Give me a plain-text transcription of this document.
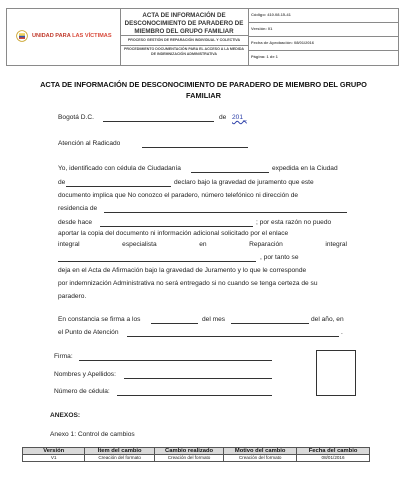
UNIDAD PARA LAS VÍCTIMAS
ACTA DE INFORMACIÓN DE DESCONOCIMIENTO DE PARADERO DE MIEMBRO DEL GRUPO FAMILIAR
PROCESO GESTIÓN DE REPARACIÓN INDIVIDUAL Y COLECTIVA
PROCEDIMIENTO DOCUMENTACIÓN PARA EL ACCESO A LA MEDIDA DE INDEMNIZACIÓN ADMINISTRATIVA
Código: 410.08.15-41
Versión: 01
Fecha de Aprobación: 08/01/2016
Página: 1 de 1
ACTA DE INFORMACIÓN DE DESCONOCIMIENTO DE PARADERO DE MIEMBRO DEL GRUPO FAMILIAR
Bogotá D.C.	de 201_
Atención al Radicado
Yo, identificado con cédula de Ciudadanía	expedida en la Ciudad
de	declaro bajo la gravedad de juramento que este
documento implica que No conozco el paradero, número telefónico ni dirección de
residencia de
desde hace	; por esta razón no puedo
aportar la copia del documento ni información adicional solicitado por el enlace
integral especialista en Reparación integral
, por tanto se
deja en el Acta de Afirmación bajo la gravedad de Juramento y lo que le corresponde
por indemnización Administrativa no será entregado si no cuando se tenga certeza de su
paradero.
En constancia se firma a los	del mes	del año, en
el Punto de Atención	.
Firma:
Nombres y Apellidos:
Número de cédula:
ANEXOS:
Anexo 1: Control de cambios
Versión	Ítem del cambio	Cambio realizado	Motivo del cambio	Fecha del cambio
V1	Creación del formato	Creación del formato	Creación del formato	08/01/2016
